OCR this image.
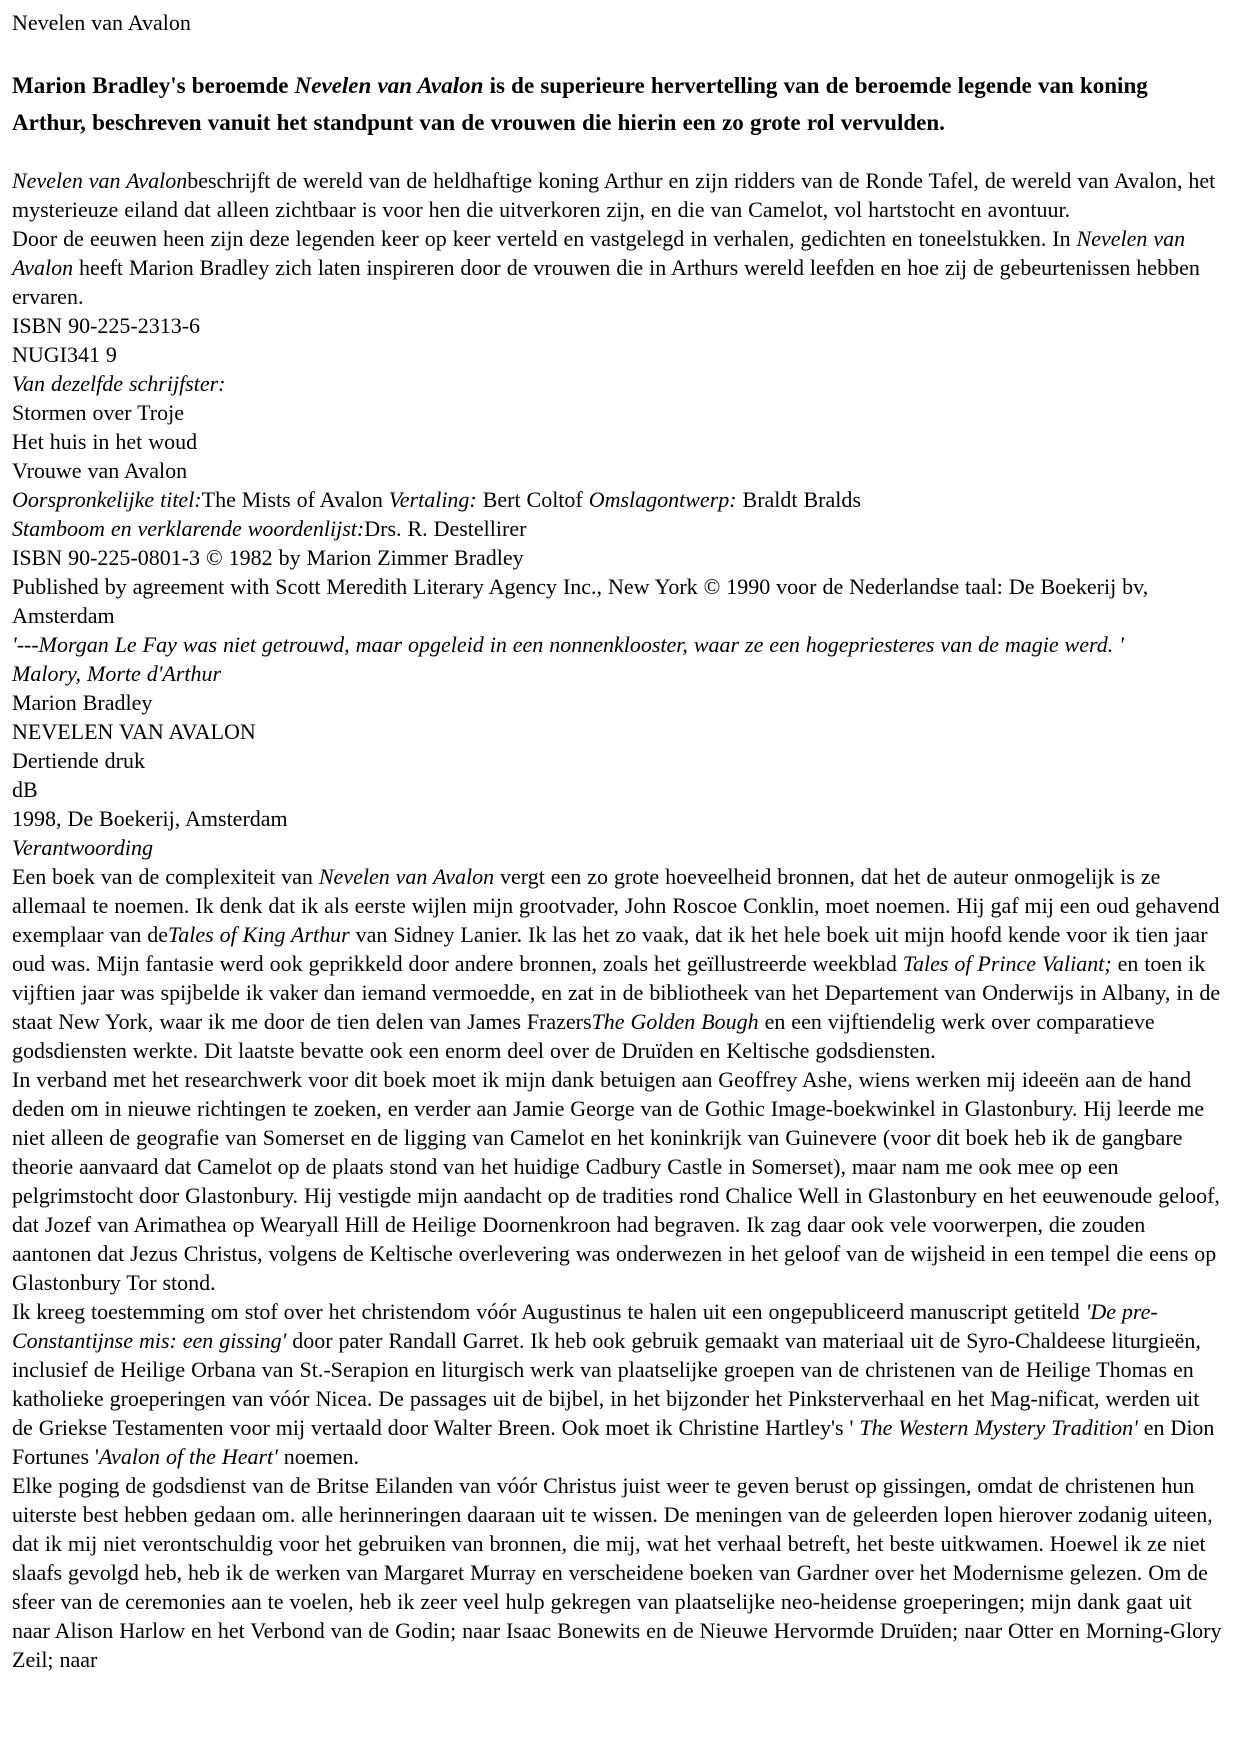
Nevelen van Avalon

Marion Bradley's beroemde Nevelen van Avalon is de superieure hervertelling van de beroemde legende van koning Arthur, beschreven vanuit het standpunt van de vrouwen die hierin een zo grote rol vervulden.

Nevelen van Avalonbeschrijft de wereld van de heldhaftige koning Arthur en zijn ridders van de Ronde Tafel, de wereld van Avalon, het mysterieuze eiland dat alleen zichtbaar is voor hen die uitverkoren zijn, en die van Camelot, vol hartstocht en avontuur.

Door de eeuwen heen zijn deze legenden keer op keer verteld en vastgelegd in verhalen, gedichten en toneelstukken. In Nevelen van Avalon heeft Marion Bradley zich laten inspireren door de vrouwen die in Arthurs wereld leefden en hoe zij de gebeurtenissen hebben ervaren.

ISBN 90-225-2313-6

NUGI341 9

Van dezelfde schrijfster:

Stormen over Troje

Het huis in het woud

Vrouwe van Avalon

Oorspronkelijke titel:The Mists of Avalon Vertaling: Bert Coltof Omslagontwerp: Braldt Bralds

Stamboom en verklarende woordenlijst:Drs. R. Destellirer

ISBN 90-225-0801-3 © 1982 by Marion Zimmer Bradley

Published by agreement with Scott Meredith Literary Agency Inc., New York © 1990 voor de Nederlandse taal: De Boekerij bv, Amsterdam

'---Morgan Le Fay was niet getrouwd, maar opgeleid in een nonnenklooster, waar ze een hogepriesteres van de magie werd. '

Malory, Morte d'Arthur

Marion Bradley

NEVELEN VAN AVALON

Dertiende druk

dB

1998, De Boekerij, Amsterdam

Verantwoording

Een boek van de complexiteit van Nevelen van Avalon vergt een zo grote hoeveelheid bronnen, dat het de auteur onmogelijk is ze allemaal te noemen. Ik denk dat ik als eerste wijlen mijn grootvader, John Roscoe Conklin, moet noemen. Hij gaf mij een oud gehavend exemplaar van deTales of King Arthur van Sidney Lanier. Ik las het zo vaak, dat ik het hele boek uit mijn hoofd kende voor ik tien jaar oud was. Mijn fantasie werd ook geprikkeld door andere bronnen, zoals het geïllustreerde weekblad Tales of Prince Valiant; en toen ik vijftien jaar was spijbelde ik vaker dan iemand vermoedde, en zat in de bibliotheek van het Departement van Onderwijs in Albany, in de staat New York, waar ik me door de tien delen van James FrazersThe Golden Bough en een vijftiendelig werk over comparatieve godsdiensten werkte. Dit laatste bevatte ook een enorm deel over de Druïden en Keltische godsdiensten.

In verband met het researchwerk voor dit boek moet ik mijn dank betuigen aan Geoffrey Ashe, wiens werken mij ideeën aan de hand deden om in nieuwe richtingen te zoeken, en verder aan Jamie George van de Gothic Image-boekwinkel in Glastonbury. Hij leerde me niet alleen de geografie van Somerset en de ligging van Camelot en het koninkrijk van Guinevere (voor dit boek heb ik de gangbare theorie aanvaard dat Camelot op de plaats stond van het huidige Cadbury Castle in Somerset), maar nam me ook mee op een pelgrimstocht door Glastonbury. Hij vestigde mijn aandacht op de tradities rond Chalice Well in Glastonbury en het eeuwenoude geloof, dat Jozef van Arimathea op Wearyall Hill de Heilige Doornenkroon had begraven. Ik zag daar ook vele voorwerpen, die zouden aantonen dat Jezus Christus, volgens de Keltische overlevering was onderwezen in het geloof van de wijsheid in een tempel die eens op Glastonbury Tor stond.

Ik kreeg toestemming om stof over het christendom vóór Augustinus te halen uit een ongepubliceerd manuscript getiteld 'De pre-Constantijnse mis: een gissing' door pater Randall Garret. Ik heb ook gebruik gemaakt van materiaal uit de Syro-Chaldeese liturgieën, inclusief de Heilige Orbana van St.-Serapion en liturgisch werk van plaatselijke groepen van de christenen van de Heilige Thomas en katholieke groeperingen van vóór Nicea. De passages uit de bijbel, in het bijzonder het Pinksterverhaal en het Mag-nificat, werden uit de Griekse Testamenten voor mij vertaald door Walter Breen. Ook moet ik Christine Hartley's ' The Western Mystery Tradition' en Dion Fortunes 'Avalon of the Heart' noemen.

Elke poging de godsdienst van de Britse Eilanden van vóór Christus juist weer te geven berust op gissingen, omdat de christenen hun uiterste best hebben gedaan om. alle herinneringen daaraan uit te wissen. De meningen van de geleerden lopen hierover zodanig uiteen, dat ik mij niet verontschuldig voor het gebruiken van bronnen, die mij, wat het verhaal betreft, het beste uitkwamen. Hoewel ik ze niet slaafs gevolgd heb, heb ik de werken van Margaret Murray en verscheidene boeken van Gardner over het Modernisme gelezen. Om de sfeer van de ceremonies aan te voelen, heb ik zeer veel hulp gekregen van plaatselijke neo-heidense groeperingen; mijn dank gaat uit naar Alison Harlow en het Verbond van de Godin; naar Isaac Bonewits en de Nieuwe Hervormde Druïden; naar Otter en Morning-Glory Zeil; naar
